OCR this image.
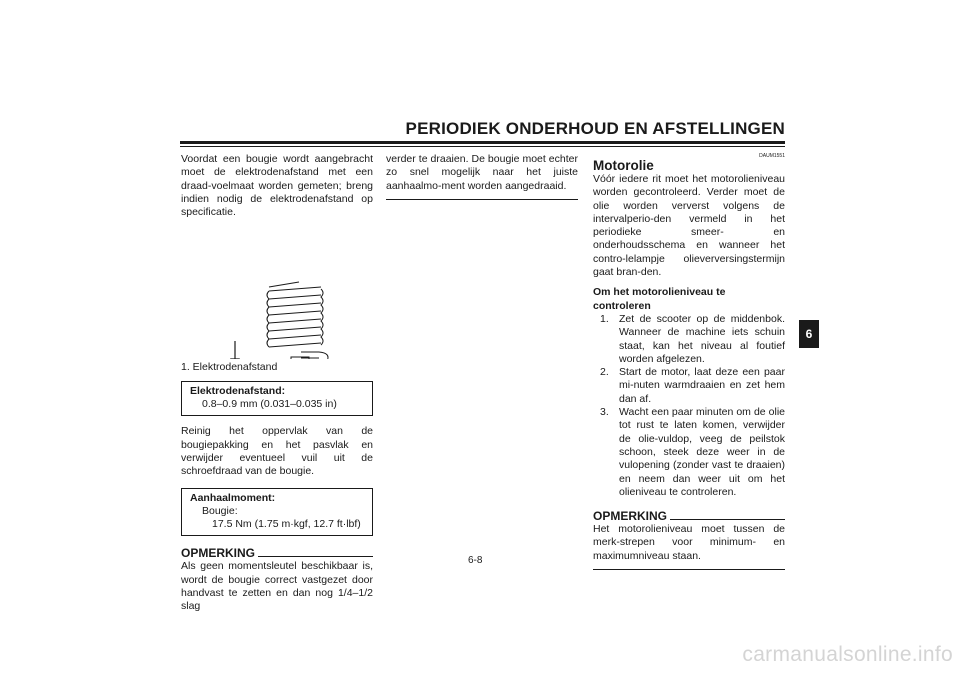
PERIODIEK ONDERHOUD EN AFSTELLINGEN

Voordat een bougie wordt aangebracht moet de elektrodenafstand met een draad-voelmaat worden gemeten; breng indien nodig de elektrodenafstand op specificatie.

1. Elektrodenafstand

Elektrodenafstand:
0.8–0.9 mm (0.031–0.035 in)

Reinig het oppervlak van de bougiepakking en het pasvlak en verwijder eventueel vuil uit de schroefdraad van de bougie.

Aanhaalmoment:
Bougie:
17.5 Nm (1.75 m·kgf, 12.7 ft·lbf)
OPMERKING

Als geen momentsleutel beschikbaar is, wordt de bougie correct vastgezet door handvast te zetten en dan nog 1/4–1/2 slag

verder te draaien. De bougie moet echter zo snel mogelijk naar het juiste aanhaalmo-ment worden aangedraaid.

DAUM1551
Motorolie

Vóór iedere rit moet het motorolieniveau worden gecontroleerd. Verder moet de olie worden ververst volgens de intervalperio-den vermeld in het periodieke smeer- en onderhoudsschema en wanneer het contro-lelampje olieverversingstermijn gaat bran-den.

Om het motorolieniveau te controleren
1. Zet de scooter op de middenbok. Wanneer de machine iets schuin staat, kan het niveau al foutief worden afgelezen.
2. Start de motor, laat deze een paar mi-nuten warmdraaien en zet hem dan af.
3. Wacht een paar minuten om de olie tot rust te laten komen, verwijder de olie-vuldop, veeg de peilstok schoon, steek deze weer in de vulopening (zonder vast te draaien) en neem dan weer uit om het olieniveau te controleren.
OPMERKING

Het motorolieniveau moet tussen de merk-strepen voor minimum- en maximumniveau staan.

6-8
6
carmanualsonline.info
